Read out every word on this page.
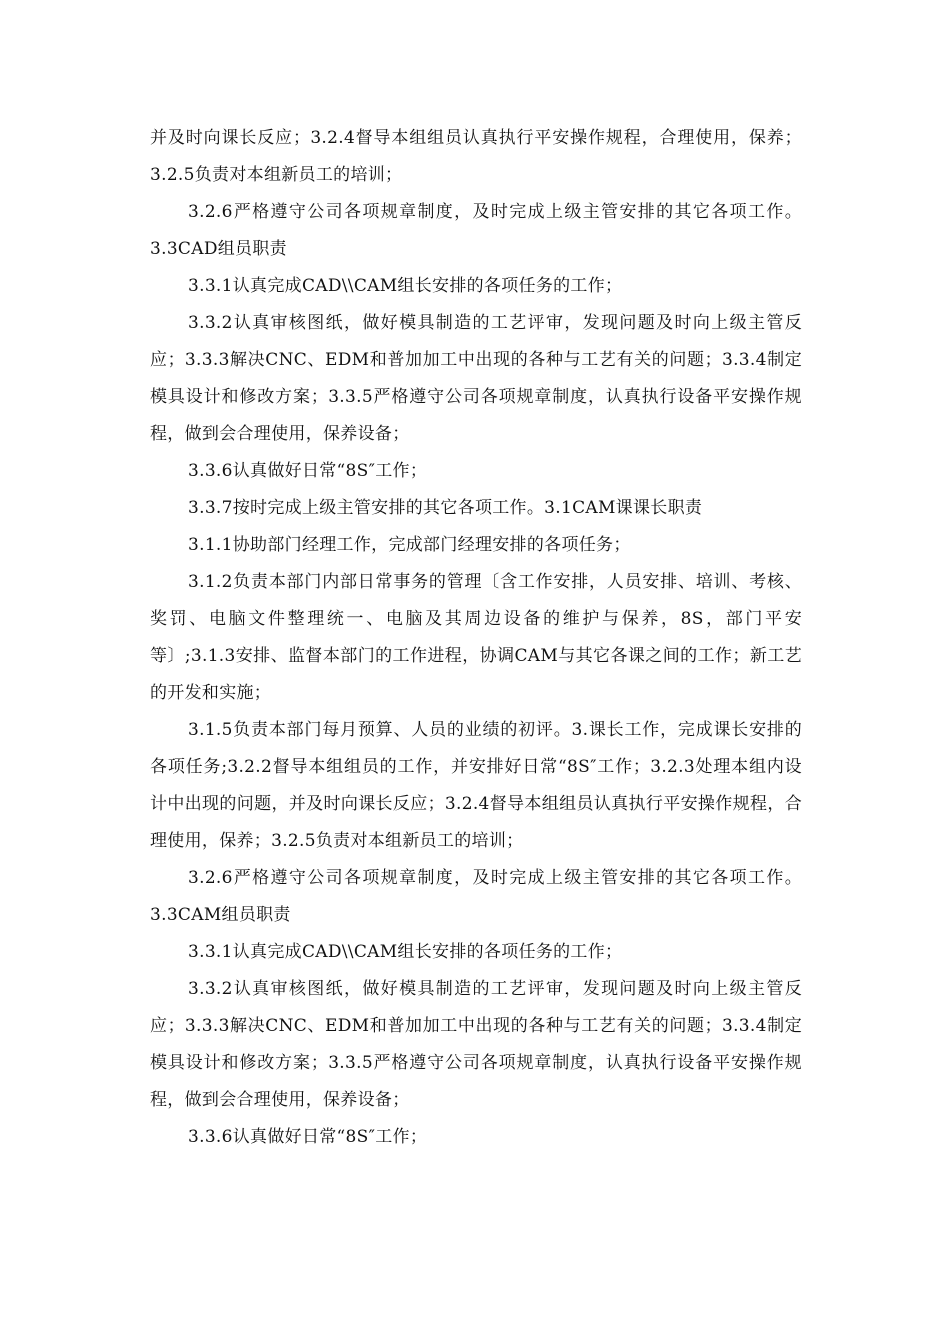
并及时向课长反应；3.2.4督导本组组员认真执行平安操作规程，合理使用，保养；3.2.5负责对本组新员工的培训；

3.2.6严格遵守公司各项规章制度，及时完成上级主管安排的其它各项工作。3.3CAD组员职责

3.3.1认真完成CAD\\CAM组长安排的各项任务的工作；

3.3.2认真审核图纸，做好模具制造的工艺评审，发现问题及时向上级主管反应；3.3.3解决CNC、EDM和普加加工中出现的各种与工艺有关的问题；3.3.4制定模具设计和修改方案；3.3.5严格遵守公司各项规章制度，认真执行设备平安操作规程，做到会合理使用，保养设备；

3.3.6认真做好日常“8S″工作；

3.3.7按时完成上级主管安排的其它各项工作。3.1CAM课课长职责

3.1.1协助部门经理工作，完成部门经理安排的各项任务；

3.1.2负责本部门内部日常事务的管理〔含工作安排，人员安排、培训、考核、奖罚、电脑文件整理统一、电脑及其周边设备的维护与保养，8S，部门平安等〕;3.1.3安排、监督本部门的工作进程，协调CAM与其它各课之间的工作；新工艺的开发和实施；

3.1.5负责本部门每月预算、人员的业绩的初评。3.课长工作，完成课长安排的各项任务;3.2.2督导本组组员的工作，并安排好日常“8S″工作；3.2.3处理本组内设计中出现的问题，并及时向课长反应；3.2.4督导本组组员认真执行平安操作规程，合理使用，保养；3.2.5负责对本组新员工的培训；

3.2.6严格遵守公司各项规章制度，及时完成上级主管安排的其它各项工作。3.3CAM组员职责

3.3.1认真完成CAD\\CAM组长安排的各项任务的工作；

3.3.2认真审核图纸，做好模具制造的工艺评审，发现问题及时向上级主管反应；3.3.3解决CNC、EDM和普加加工中出现的各种与工艺有关的问题；3.3.4制定模具设计和修改方案；3.3.5严格遵守公司各项规章制度，认真执行设备平安操作规程，做到会合理使用，保养设备；

3.3.6认真做好日常“8S″工作；
